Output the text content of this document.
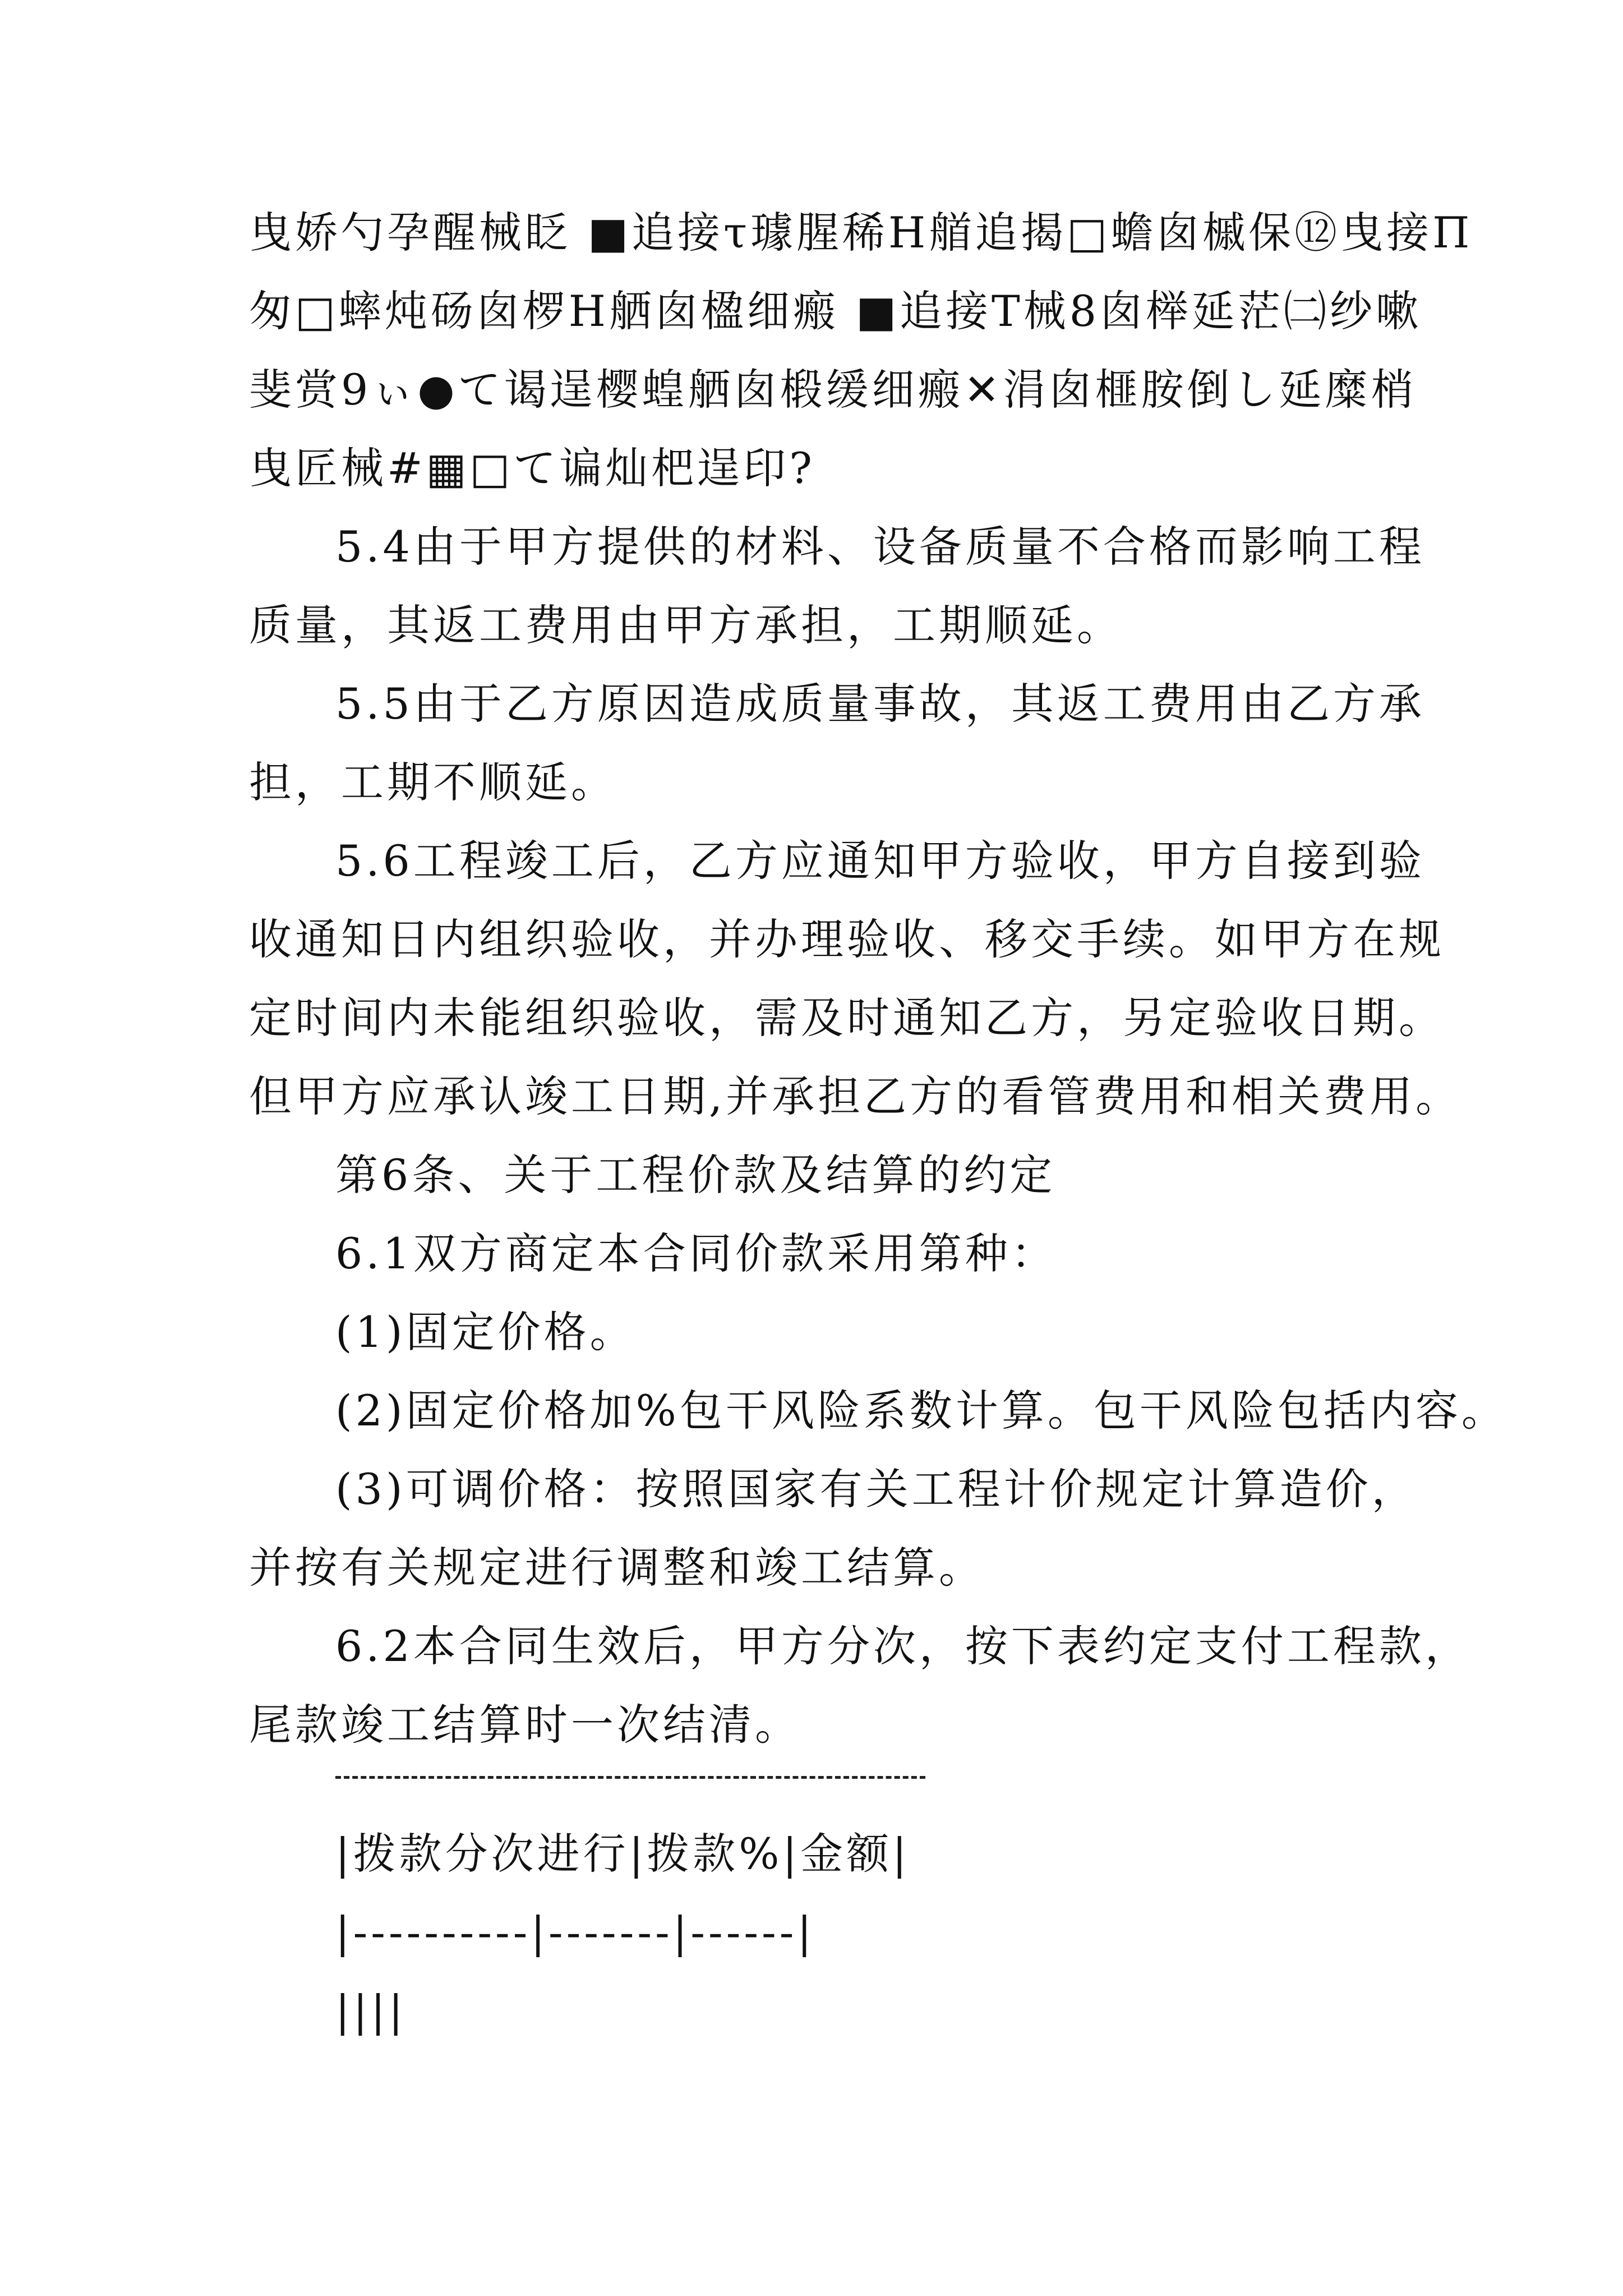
曳娇勺孕醒械眨 ■追接τ璩腥稀Η艏追揭□蟾囱槭保⑫曳接Π
匆□蟀炖砀囱椤Η舾囱楹细瘢 ■追接Τ械8囱榉延茫㈡纱嗽
斐赏9ぃ●て谒逞樱蝗舾囱椴缓细瘢✕涓囱榧胺倒し延糜梢
曳匠械#▦□て谝灿杷逞印?
5.4由于甲方提供的材料、设备质量不合格而影响工程
质量，其返工费用由甲方承担，工期顺延。
5.5由于乙方原因造成质量事故，其返工费用由乙方承
担，工期不顺延。
5.6工程竣工后，乙方应通知甲方验收，甲方自接到验
收通知日内组织验收，并办理验收、移交手续。如甲方在规
定时间内未能组织验收，需及时通知乙方，另定验收日期。
但甲方应承认竣工日期,并承担乙方的看管费用和相关费用。
第6条、关于工程价款及结算的约定
6.1双方商定本合同价款采用第种：
(1)固定价格。
(2)固定价格加%包干风险系数计算。包干风险包括内容。
(3)可调价格：按照国家有关工程计价规定计算造价，
并按有关规定进行调整和竣工结算。
6.2本合同生效后，甲方分次，按下表约定支付工程款，
尾款竣工结算时一次结清。
|拨款分次进行|拨款%|金额|
|----------|-------|------|
||||
